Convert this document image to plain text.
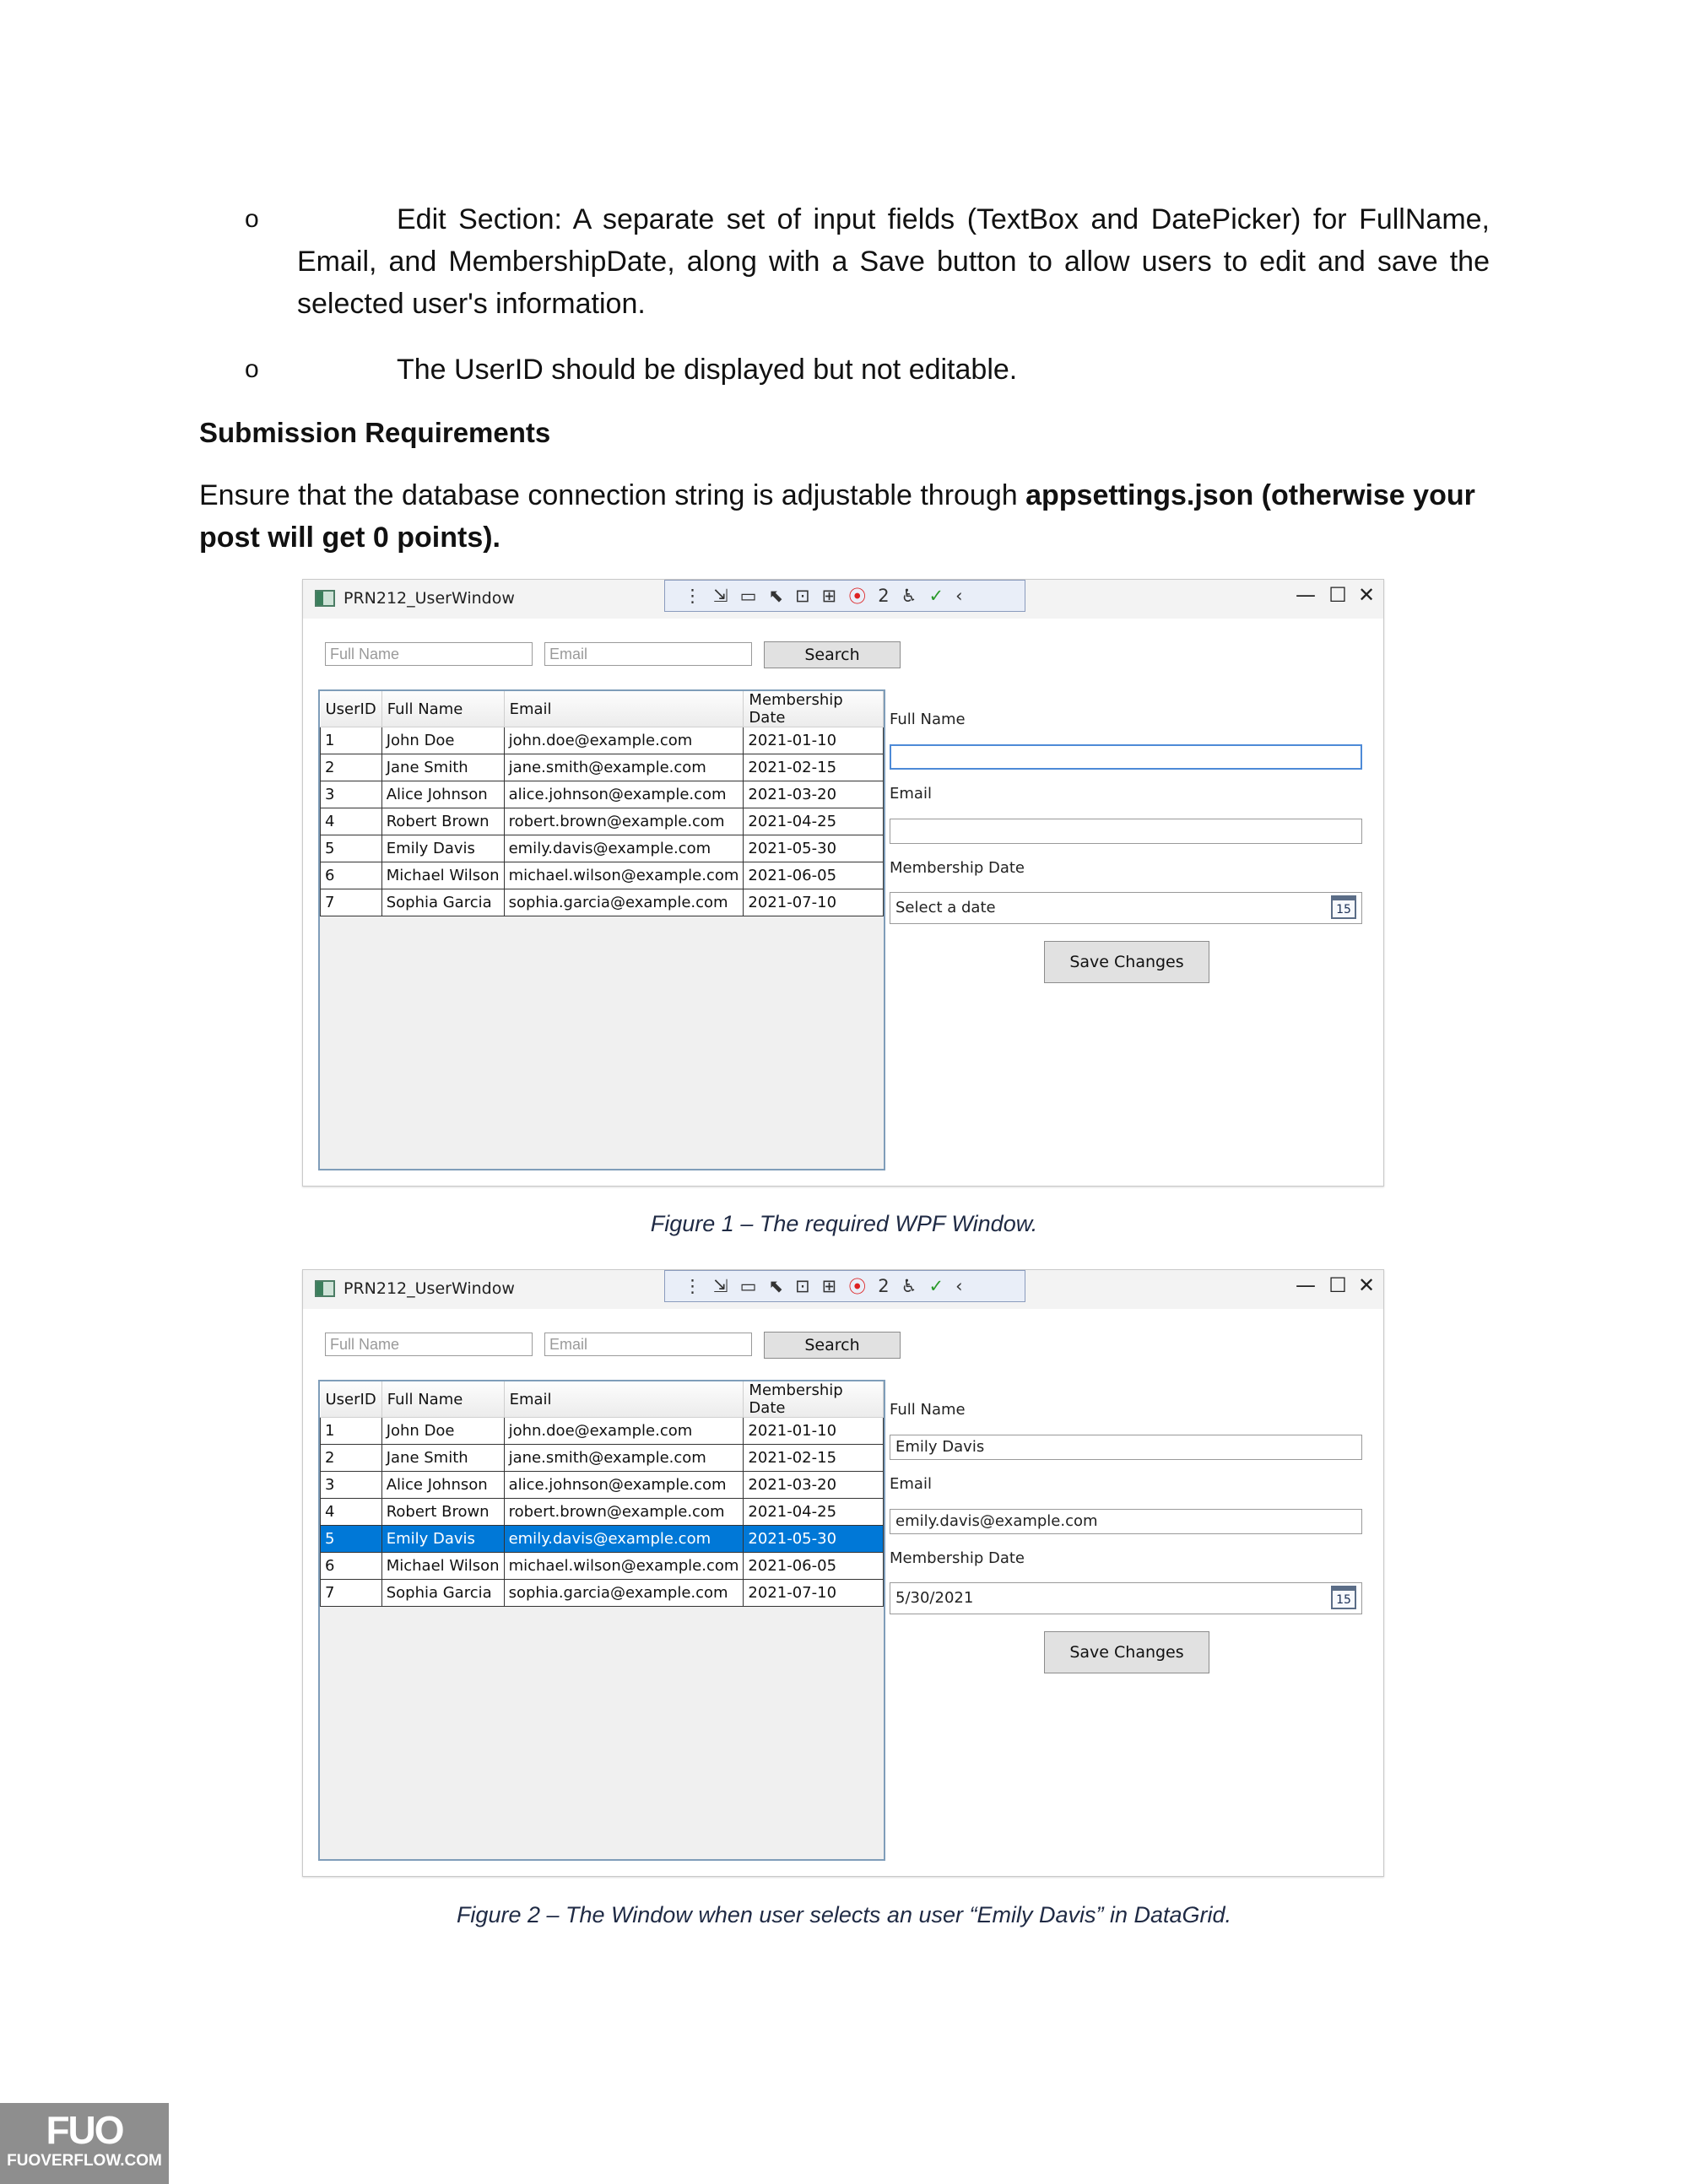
o	Edit Section: A separate set of input fields (TextBox and DatePicker) for FullName, Email, and MembershipDate, along with a Save button to allow users to edit and save the selected user's information.
o	The UserID should be displayed but not editable.
Submission Requirements
Ensure that the database connection string is adjustable through appsettings.json (otherwise your post will get 0 points).
PRN212_UserWindow	⋮ ⇲ ▭ ⬉ ⊡ ⊞ ⦿ 2 ♿ ✓ ‹	— ☐ ✕
Full Name
Email
Search
UserID	Full Name	Email	Membership Date
1	John Doe	john.doe@example.com	2021-01-10
2	Jane Smith	jane.smith@example.com	2021-02-15
3	Alice Johnson	alice.johnson@example.com	2021-03-20
4	Robert Brown	robert.brown@example.com	2021-04-25
5	Emily Davis	emily.davis@example.com	2021-05-30
6	Michael Wilson	michael.wilson@example.com	2021-06-05
7	Sophia Garcia	sophia.garcia@example.com	2021-07-10
Full Name
Email
Membership Date
Select a date	15
Save Changes
Figure 1 – The required WPF Window.
PRN212_UserWindow	⋮ ⇲ ▭ ⬉ ⊡ ⊞ ⦿ 2 ♿ ✓ ‹	— ☐ ✕
Full Name
Email
Search
UserID	Full Name	Email	Membership Date
1	John Doe	john.doe@example.com	2021-01-10
2	Jane Smith	jane.smith@example.com	2021-02-15
3	Alice Johnson	alice.johnson@example.com	2021-03-20
4	Robert Brown	robert.brown@example.com	2021-04-25
5	Emily Davis	emily.davis@example.com	2021-05-30
6	Michael Wilson	michael.wilson@example.com	2021-06-05
7	Sophia Garcia	sophia.garcia@example.com	2021-07-10
Full Name
Emily Davis
Email
emily.davis@example.com
Membership Date
5/30/2021	15
Save Changes
Figure 2 – The Window when user selects an user “Emily Davis” in DataGrid.
FUO
FUOVERFLOW.COM
